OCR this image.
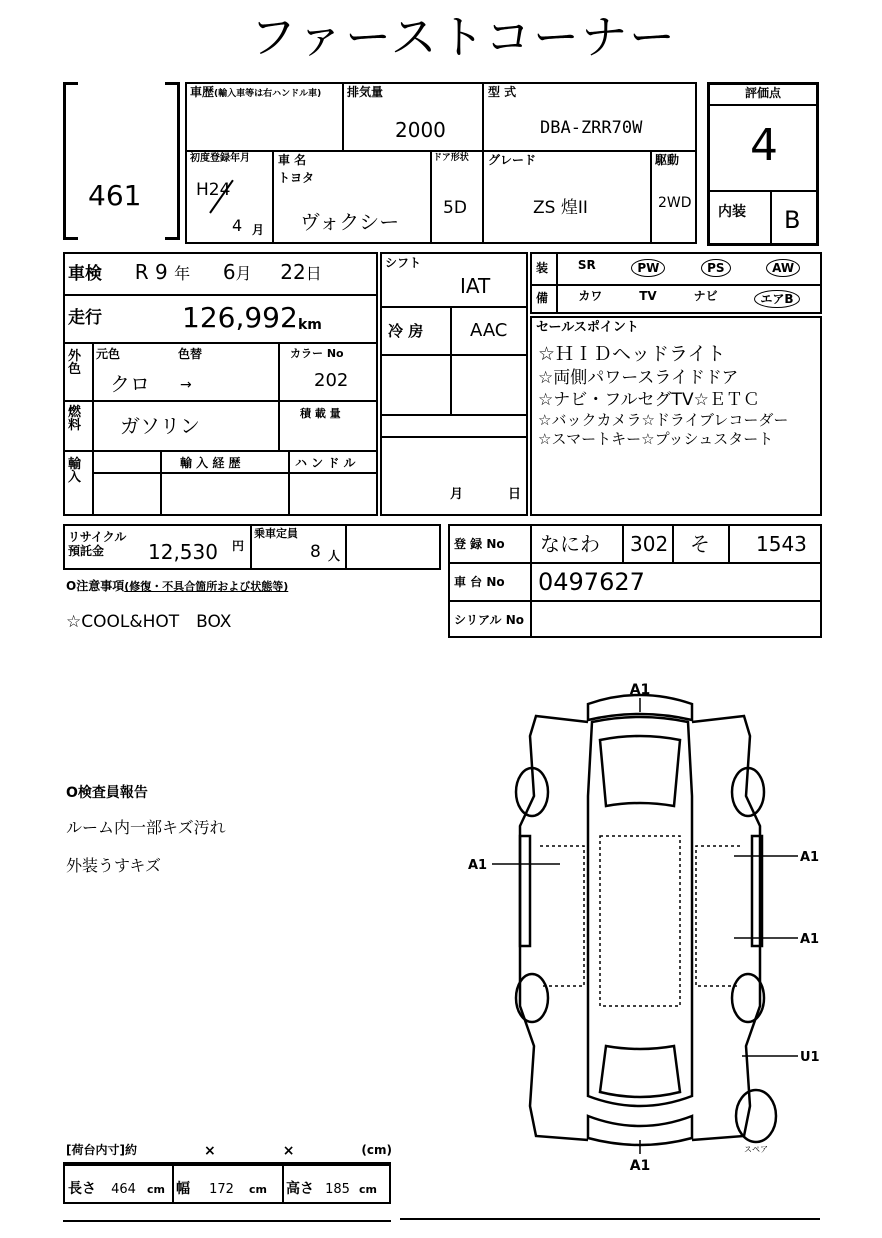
ファーストコーナー
461
車歴(輸入車等は右ハンドル車) 排気量
2000
型 式
DBA-ZRR70W
初度登録年月
H24
4 月
車 名
トヨタ
ヴォクシー
ドア形状
5D
グレード
ZS 煌II
駆動
2WD
評価点
4
内装 B
車検 R 9 年 6月 22日
走行	126,992 km
外色
元色	色替
クロ →
カラー No
202
燃料 ガソリン
積 載 量
輸入
輸 入 経 歴	ハ ン ド ル
シフト
IAT
冷 房	AAC
月	日
装
備
SR	PW	PS	AW
カワ	TV	ナビ	エアB
セールスポイント
☆ＨＩＤヘッドライト
☆両側パワースライドドア
☆ナビ・フルセグTV☆ＥＴＣ
☆バックカメラ☆ドライブレコーダー
☆スマートキー☆プッシュスタート
リサイクル預託金	12,530 円
乗車定員
8 人
登 録 No なにわ 302 そ 1543
車 台 No 0497627
シリアル No
O注意事項(修復・不具合箇所および状態等)
☆COOL&HOT　BOX
O検査員報告
ルーム内一部キズ汚れ
外装うすキズ
A1
A1
A1
A1
A1
U1
スペア
[荷台内寸]約	×	×	(cm)
長さ 464 cm 幅 172 cm 高さ 185 cm
